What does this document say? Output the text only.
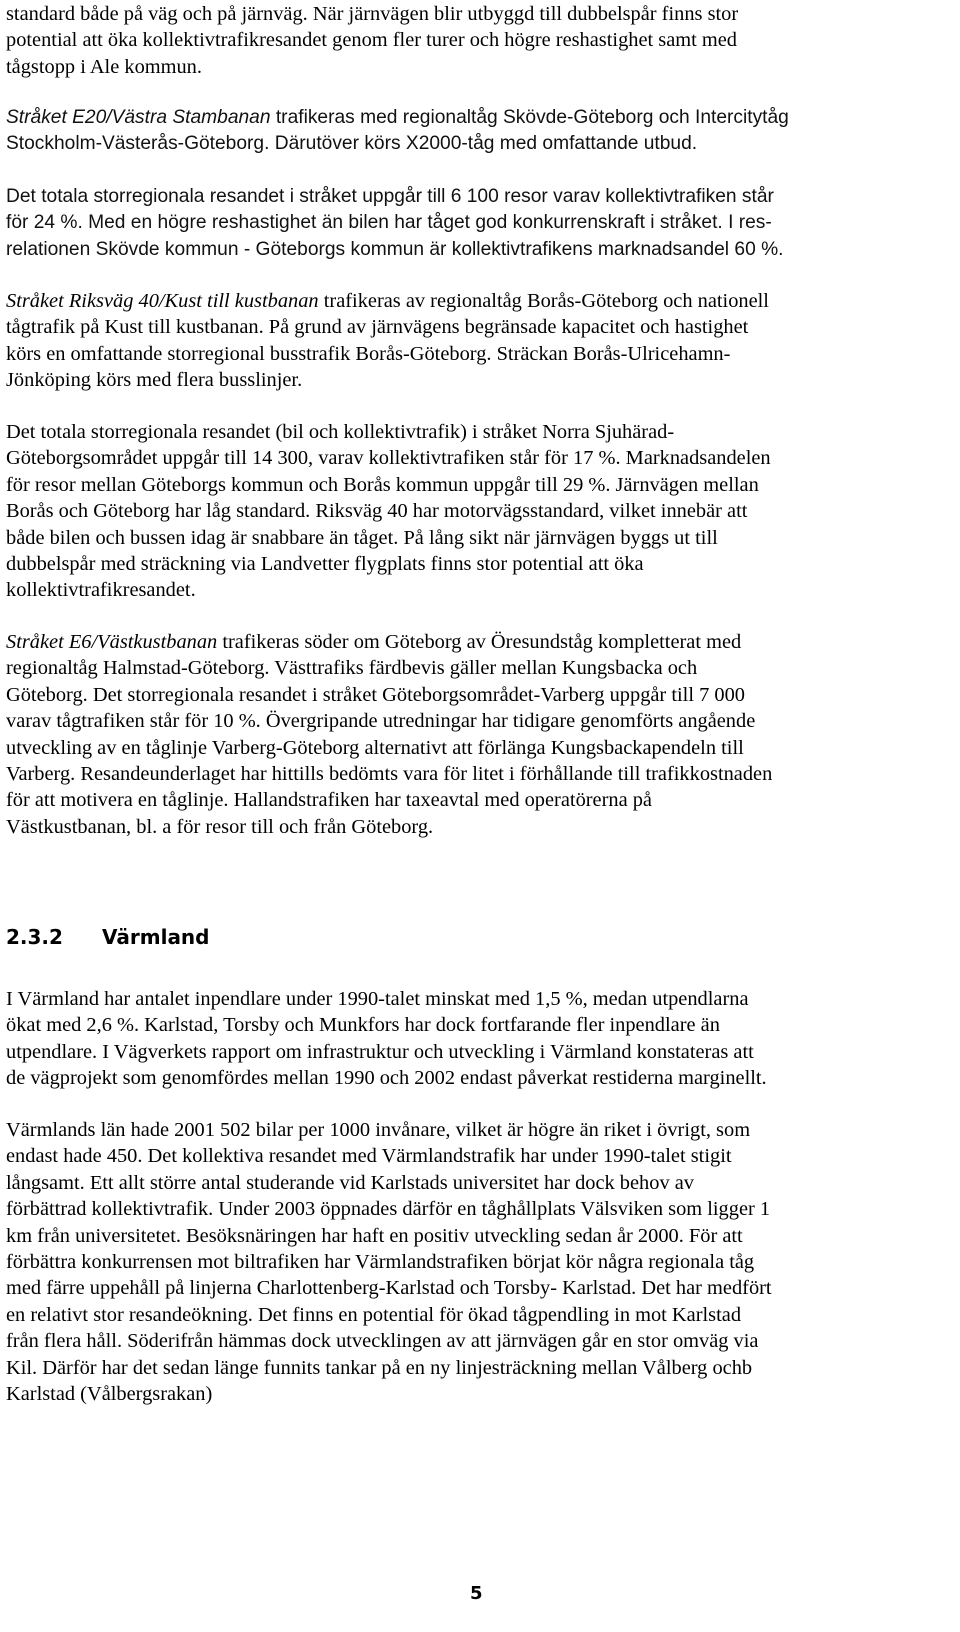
standard både på väg och på järnväg. När järnvägen blir utbyggd till dubbelspår finns stor
potential att öka kollektivtrafikresandet genom fler turer och högre reshastighet samt med
tågstopp i Ale kommun.

Stråket E20/Västra Stambanan trafikeras med regionaltåg Skövde-Göteborg och Intercitytåg
Stockholm-Västerås-Göteborg. Därutöver körs X2000-tåg med omfattande utbud.

Det totala storregionala resandet i stråket uppgår till 6 100 resor varav kollektivtrafiken står
för 24 %. Med en högre reshastighet än bilen har tåget god konkurrenskraft i stråket. I res-
relationen Skövde kommun - Göteborgs kommun är kollektivtrafikens marknadsandel 60 %.

Stråket Riksväg 40/Kust till kustbanan trafikeras av regionaltåg Borås-Göteborg och nationell
tågtrafik på Kust till kustbanan. På grund av järnvägens begränsade kapacitet och hastighet
körs en omfattande storregional busstrafik Borås-Göteborg. Sträckan Borås-Ulricehamn-
Jönköping körs med flera busslinjer.

Det totala storregionala resandet (bil och kollektivtrafik) i stråket Norra Sjuhärad-
Göteborgsområdet uppgår till 14 300, varav kollektivtrafiken står för 17 %. Marknadsandelen
för resor mellan Göteborgs kommun och Borås kommun uppgår till 29 %. Järnvägen mellan
Borås och Göteborg har låg standard. Riksväg 40 har motorvägsstandard, vilket innebär att
både bilen och bussen idag är snabbare än tåget. På lång sikt när järnvägen byggs ut till
dubbelspår med sträckning via Landvetter flygplats finns stor potential att öka
kollektivtrafikresandet.

Stråket E6/Västkustbanan trafikeras söder om Göteborg av Öresundståg kompletterat med
regionaltåg Halmstad-Göteborg. Västtrafiks färdbevis gäller mellan Kungsbacka och
Göteborg. Det storregionala resandet i stråket Göteborgsområdet-Varberg uppgår till 7 000
varav tågtrafiken står för 10 %. Övergripande utredningar har tidigare genomförts angående
utveckling av en tåglinje Varberg-Göteborg alternativt att förlänga Kungsbackapendeln till
Varberg. Resandeunderlaget har hittills bedömts vara för litet i förhållande till trafikkostnaden
för att motivera en tåglinje. Hallandstrafiken har taxeavtal med operatörerna på
Västkustbanan, bl. a för resor till och från Göteborg.

2.3.2 Värmland

I Värmland har antalet inpendlare under 1990-talet minskat med 1,5 %, medan utpendlarna
ökat med 2,6 %. Karlstad, Torsby och Munkfors har dock fortfarande fler inpendlare än
utpendlare. I Vägverkets rapport om infrastruktur och utveckling i Värmland konstateras att
de vägprojekt som genomfördes mellan 1990 och 2002 endast påverkat restiderna marginellt.

Värmlands län hade 2001 502 bilar per 1000 invånare, vilket är högre än riket i övrigt, som
endast hade 450. Det kollektiva resandet med Värmlandstrafik har under 1990-talet stigit
långsamt. Ett allt större antal studerande vid Karlstads universitet har dock behov av
förbättrad kollektivtrafik. Under 2003 öppnades därför en tåghållplats Välsviken som ligger 1
km från universitetet. Besöksnäringen har haft en positiv utveckling sedan år 2000. För att
förbättra konkurrensen mot biltrafiken har Värmlandstrafiken börjat kör några regionala tåg
med färre uppehåll på linjerna Charlottenberg-Karlstad och Torsby- Karlstad. Det har medfört
en relativt stor resandeökning. Det finns en potential för ökad tågpendling in mot Karlstad
från flera håll. Söderifrån hämmas dock utvecklingen av att järnvägen går en stor omväg via
Kil. Därför har det sedan länge funnits tankar på en ny linjesträckning mellan Vålberg ochb
Karlstad (Vålbergsrakan)

5
